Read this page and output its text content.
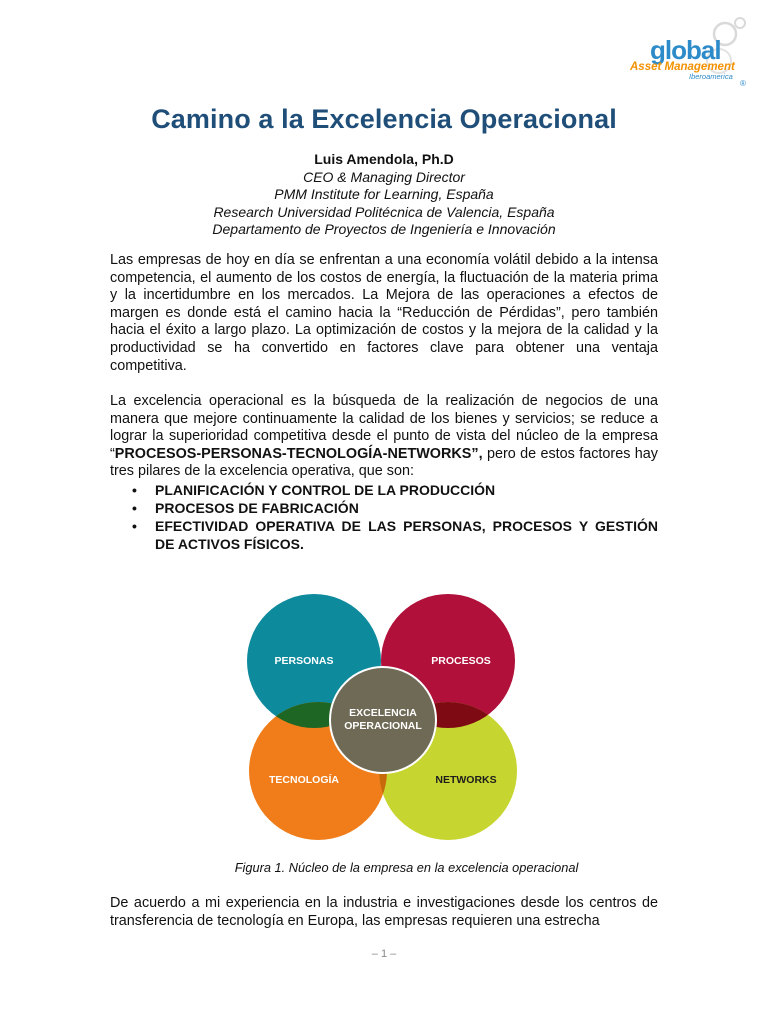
global
Asset Management
Iberoamerica
®
Camino a la Excelencia Operacional
Luis Amendola, Ph.D
CEO & Managing Director
PMM Institute for Learning, España
Research Universidad Politécnica de Valencia, España
Departamento de Proyectos de Ingeniería e Innovación
Las empresas de hoy en día se enfrentan a una economía volátil debido a la intensa competencia, el aumento de los costos de energía, la fluctuación de la materia prima y la incertidumbre en los mercados. La Mejora de las operaciones a efectos de margen es donde está el camino hacia la “Reducción de Pérdidas”, pero también hacia el éxito a largo plazo. La optimización de costos y la mejora de la calidad y la productividad se ha convertido en factores clave para obtener una ventaja competitiva.
La excelencia operacional es la búsqueda de la realización de negocios de una manera que mejore continuamente la calidad de los bienes y servicios; se reduce a lograr la superioridad competitiva desde el punto de vista del núcleo de la empresa “PROCESOS-PERSONAS-TECNOLOGÍA-NETWORKS”, pero de estos factores hay tres pilares de la excelencia operativa, que son:
• PLANIFICACIÓN Y CONTROL DE LA PRODUCCIÓN
• PROCESOS DE FABRICACIÓN
• EFECTIVIDAD OPERATIVA DE LAS PERSONAS, PROCESOS Y GESTIÓN DE ACTIVOS FÍSICOS.
PERSONAS	PROCESOS
TECNOLOGÍA	NETWORKS
EXCELENCIA
OPERACIONAL
Figura 1. Núcleo de la empresa en la excelencia operacional
De acuerdo a mi experiencia en la industria e investigaciones desde los centros de transferencia de tecnología en Europa, las empresas requieren una estrecha
– 1 –
